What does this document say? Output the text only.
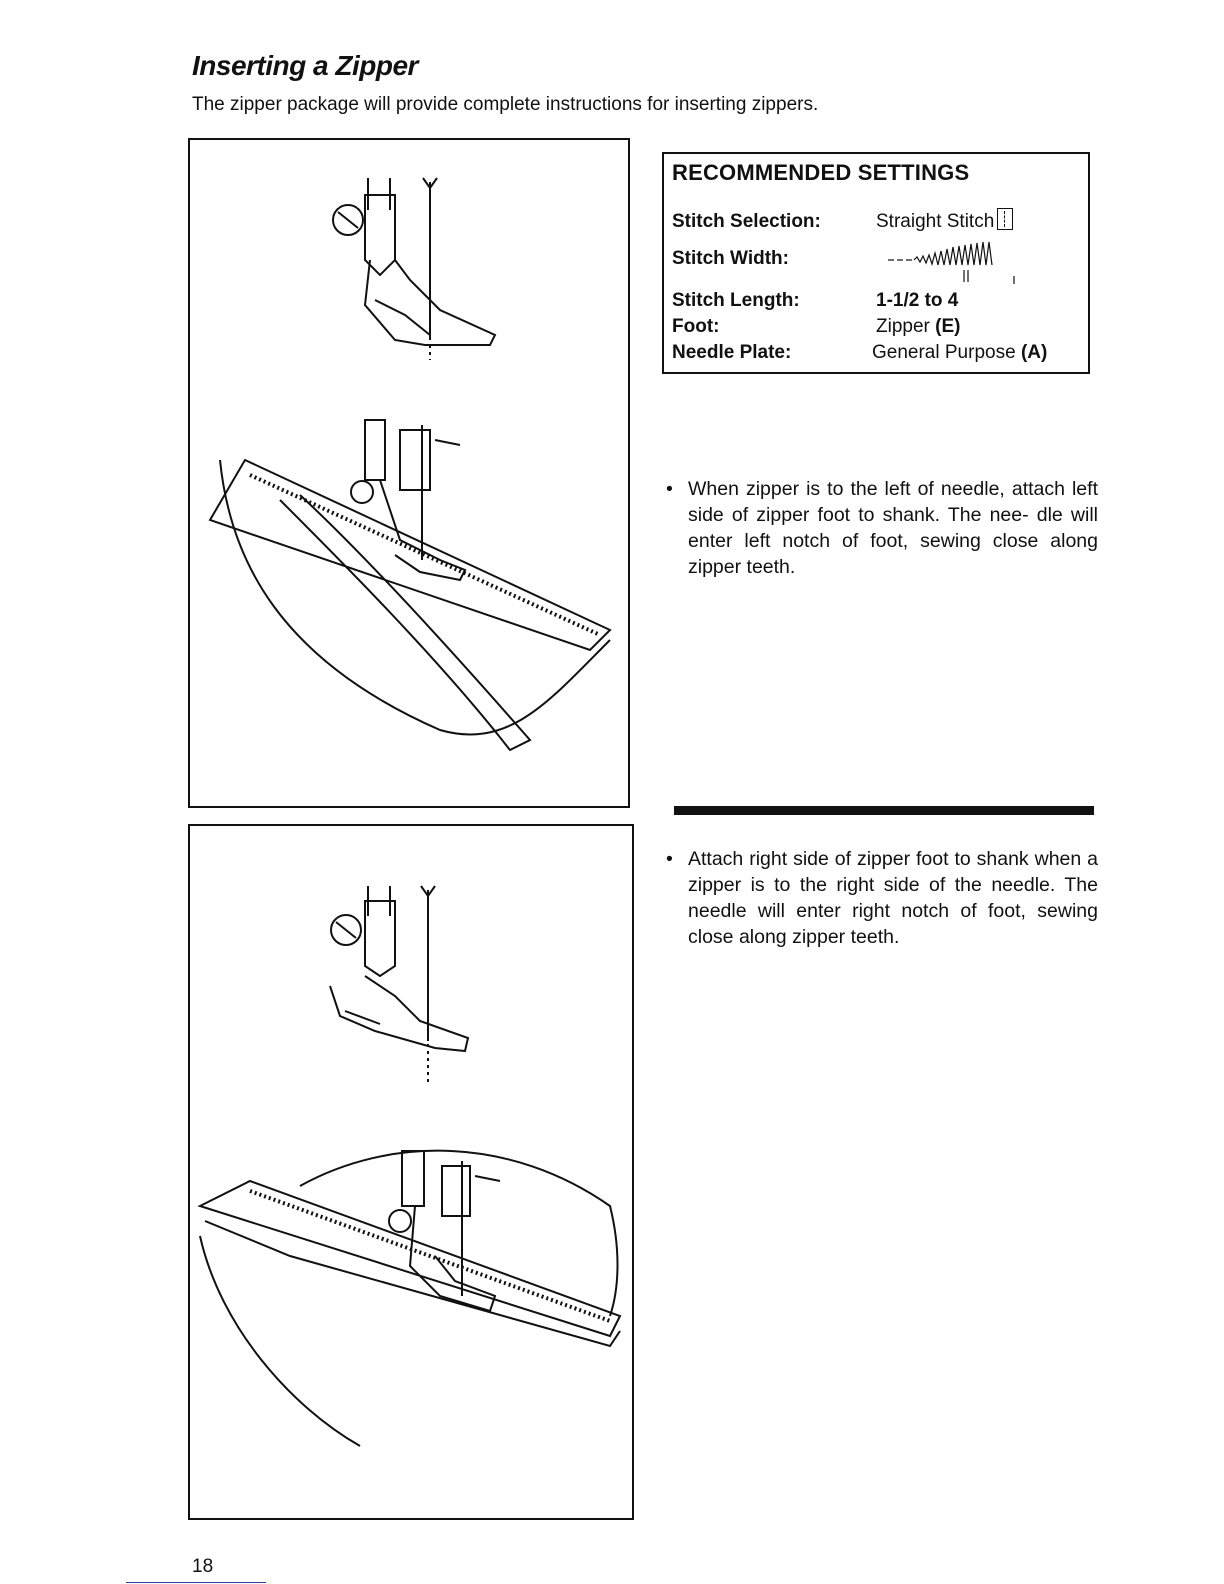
Inserting a Zipper
The zipper package will provide complete instructions for inserting zippers.
RECOMMENDED SETTINGS
Stitch Selection:	Straight Stitch
Stitch Width:
Stitch Length:	1-1/2 to 4
Foot:	Zipper (E)
Needle Plate:	General Purpose (A)
• When zipper is to the left of needle, attach left side of zipper foot to shank. The nee- dle will enter left notch of foot, sewing close along zipper teeth.
• Attach right side of zipper foot to shank when a zipper is to the right side of the needle. The needle will enter right notch of foot, sewing close along zipper teeth.
18
